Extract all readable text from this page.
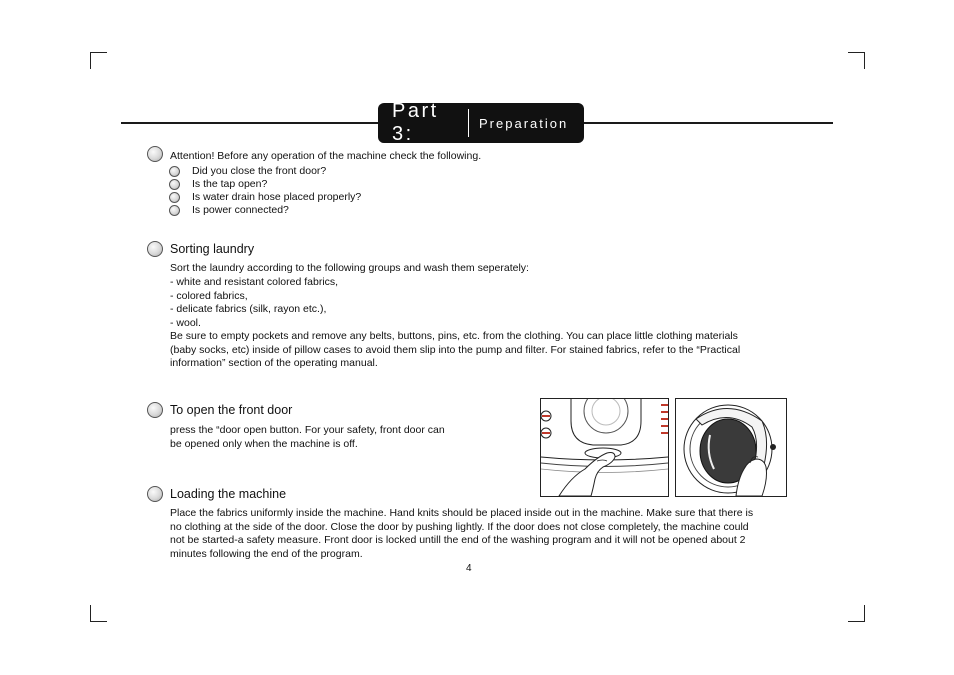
Part 3:	Preparation
Attention! Before any operation of the machine check the following.
Did you close the front door?
Is the tap open?
Is water drain hose placed properly?
Is power connected?
Sorting laundry
Sort the laundry according to the following groups and wash them seperately:
- white and resistant colored fabrics,
- colored fabrics,
- delicate fabrics (silk, rayon etc.),
- wool.
Be sure to empty pockets and remove any belts, buttons, pins, etc. from the clothing. You can place little clothing materials
(baby socks, etc) inside of pillow cases to avoid them slip into the pump and filter. For stained fabrics, refer to the “Practical
information” section of the operating manual.
To open the front door
press the “door open button. For your safety, front door can
be opened only when the machine is off.
Loading the machine
Place the fabrics uniformly inside the machine. Hand knits should be placed inside out in the machine. Make sure that there is
no clothing at the side of the door. Close the door by pushing lightly. If the door does not close completely, the machine could
not be started-a safety measure. Front door is locked untill the end of the washing program and it will not be opened about 2
minutes following the end of the program.
4
